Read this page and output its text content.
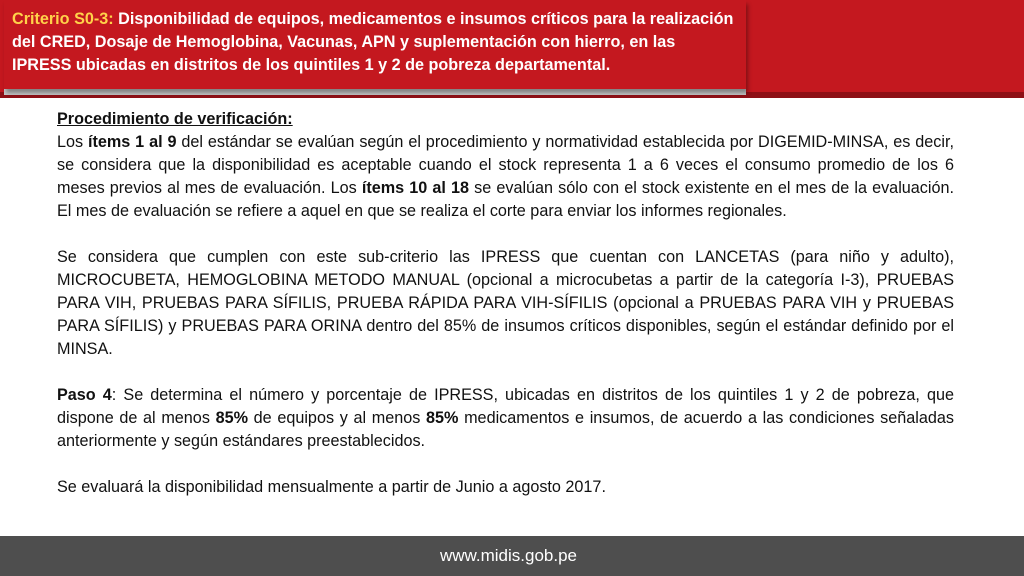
Criterio S0-3: Disponibilidad de equipos, medicamentos e insumos críticos para la realización del CRED, Dosaje de Hemoglobina, Vacunas, APN y suplementación con hierro, en las IPRESS ubicadas en distritos de los quintiles 1 y 2 de pobreza departamental.

Procedimiento de verificación:

Los ítems 1 al 9 del estándar se evalúan según el procedimiento y normatividad establecida por DIGEMID-MINSA, es decir, se considera que la disponibilidad es aceptable cuando el stock representa 1 a 6 veces el consumo promedio de los 6 meses previos al mes de evaluación. Los ítems 10 al 18 se evalúan sólo con el stock existente en el mes de la evaluación. El mes de evaluación se refiere a aquel en que se realiza el corte para enviar los informes regionales.

Se considera que cumplen con este sub-criterio las IPRESS que cuentan con LANCETAS (para niño y adulto), MICROCUBETA, HEMOGLOBINA METODO MANUAL (opcional a microcubetas a partir de la categoría I-3), PRUEBAS PARA VIH, PRUEBAS PARA SÍFILIS, PRUEBA RÁPIDA PARA VIH-SÍFILIS (opcional a PRUEBAS PARA VIH y PRUEBAS PARA SÍFILIS) y PRUEBAS PARA ORINA dentro del 85% de insumos críticos disponibles, según el estándar definido por el MINSA.

Paso 4: Se determina el número y porcentaje de IPRESS, ubicadas en distritos de los quintiles 1 y 2 de pobreza, que dispone de al menos 85% de equipos y al menos 85% medicamentos e insumos, de acuerdo a las condiciones señaladas anteriormente y según estándares preestablecidos.

Se evaluará la disponibilidad mensualmente a partir de Junio a agosto 2017.

www.midis.gob.pe
